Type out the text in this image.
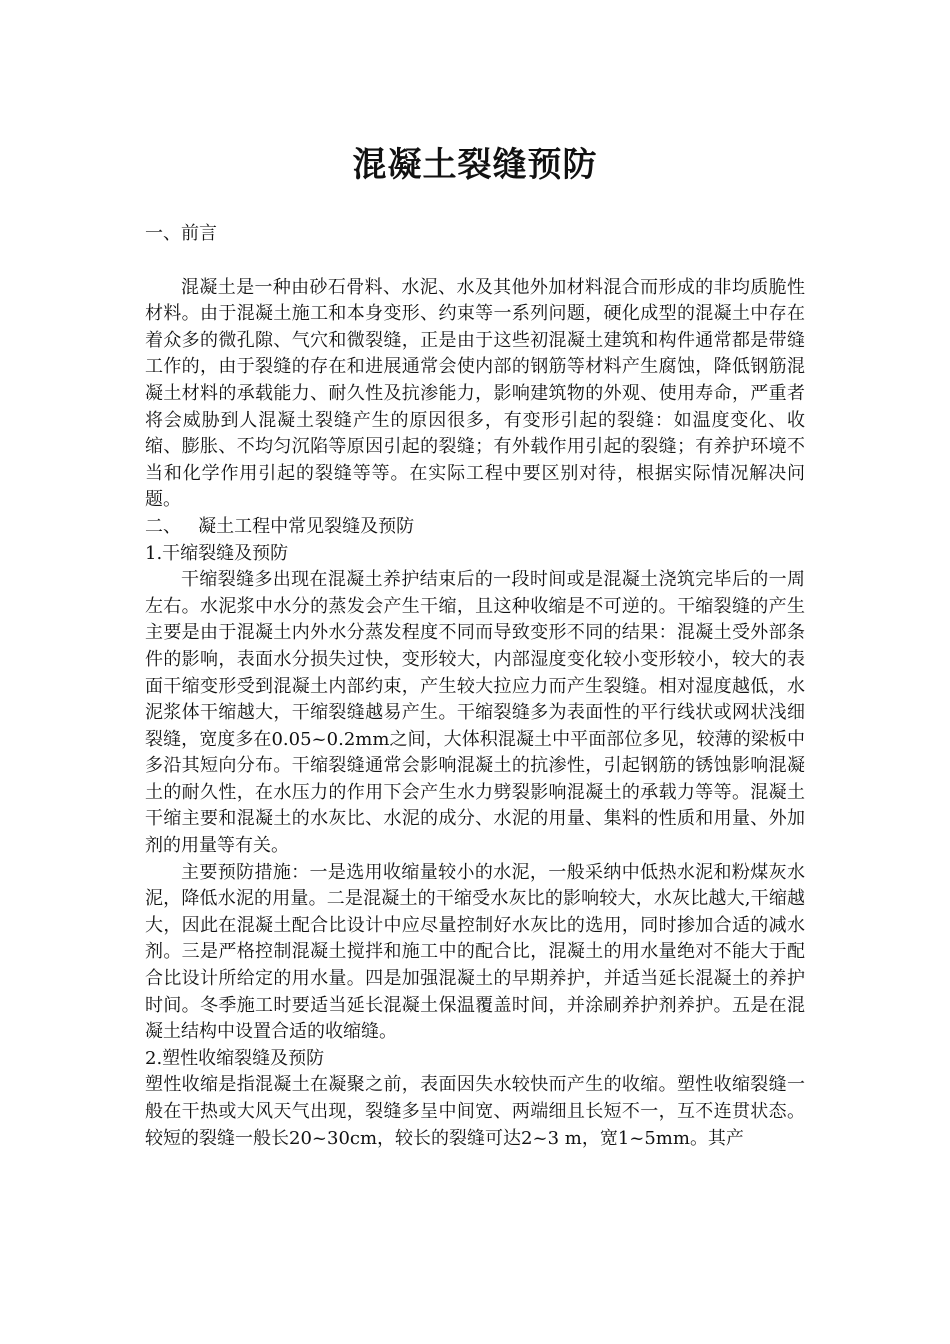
混凝土裂缝预防

一、前言

混凝土是一种由砂石骨料、水泥、水及其他外加材料混合而形成的非均质脆性材料。由于混凝土施工和本身变形、约束等一系列问题，硬化成型的混凝土中存在着众多的微孔隙、气穴和微裂缝，正是由于这些初混凝土建筑和构件通常都是带缝工作的，由于裂缝的存在和进展通常会使内部的钢筋等材料产生腐蚀，降低钢筋混凝土材料的承载能力、耐久性及抗渗能力，影响建筑物的外观、使用寿命，严重者将会威胁到人混凝土裂缝产生的原因很多，有变形引起的裂缝：如温度变化、收缩、膨胀、不均匀沉陷等原因引起的裂缝；有外载作用引起的裂缝；有养护环境不当和化学作用引起的裂缝等等。在实际工程中要区别对待，根据实际情况解决问题。

二、   凝土工程中常见裂缝及预防

1.干缩裂缝及预防

干缩裂缝多出现在混凝土养护结束后的一段时间或是混凝土浇筑完毕后的一周左右。水泥浆中水分的蒸发会产生干缩，且这种收缩是不可逆的。干缩裂缝的产生主要是由于混凝土内外水分蒸发程度不同而导致变形不同的结果：混凝土受外部条件的影响，表面水分损失过快，变形较大，内部湿度变化较小变形较小，较大的表面干缩变形受到混凝土内部约束，产生较大拉应力而产生裂缝。相对湿度越低，水泥浆体干缩越大，干缩裂缝越易产生。干缩裂缝多为表面性的平行线状或网状浅细裂缝，宽度多在0.05~0.2mm之间，大体积混凝土中平面部位多见，较薄的梁板中多沿其短向分布。干缩裂缝通常会影响混凝土的抗渗性，引起钢筋的锈蚀影响混凝土的耐久性，在水压力的作用下会产生水力劈裂影响混凝土的承载力等等。混凝土干缩主要和混凝土的水灰比、水泥的成分、水泥的用量、集料的性质和用量、外加剂的用量等有关。

主要预防措施：一是选用收缩量较小的水泥，一般采纳中低热水泥和粉煤灰水泥，降低水泥的用量。二是混凝土的干缩受水灰比的影响较大，水灰比越大,干缩越大，因此在混凝土配合比设计中应尽量控制好水灰比的选用，同时掺加合适的减水剂。三是严格控制混凝土搅拌和施工中的配合比，混凝土的用水量绝对不能大于配合比设计所给定的用水量。四是加强混凝土的早期养护，并适当延长混凝土的养护时间。冬季施工时要适当延长混凝土保温覆盖时间，并涂刷养护剂养护。五是在混凝土结构中设置合适的收缩缝。

2.塑性收缩裂缝及预防

塑性收缩是指混凝土在凝聚之前，表面因失水较快而产生的收缩。塑性收缩裂缝一般在干热或大风天气出现，裂缝多呈中间宽、两端细且长短不一，互不连贯状态。较短的裂缝一般长20~30cm，较长的裂缝可达2~3 m，宽1~5mm。其产
